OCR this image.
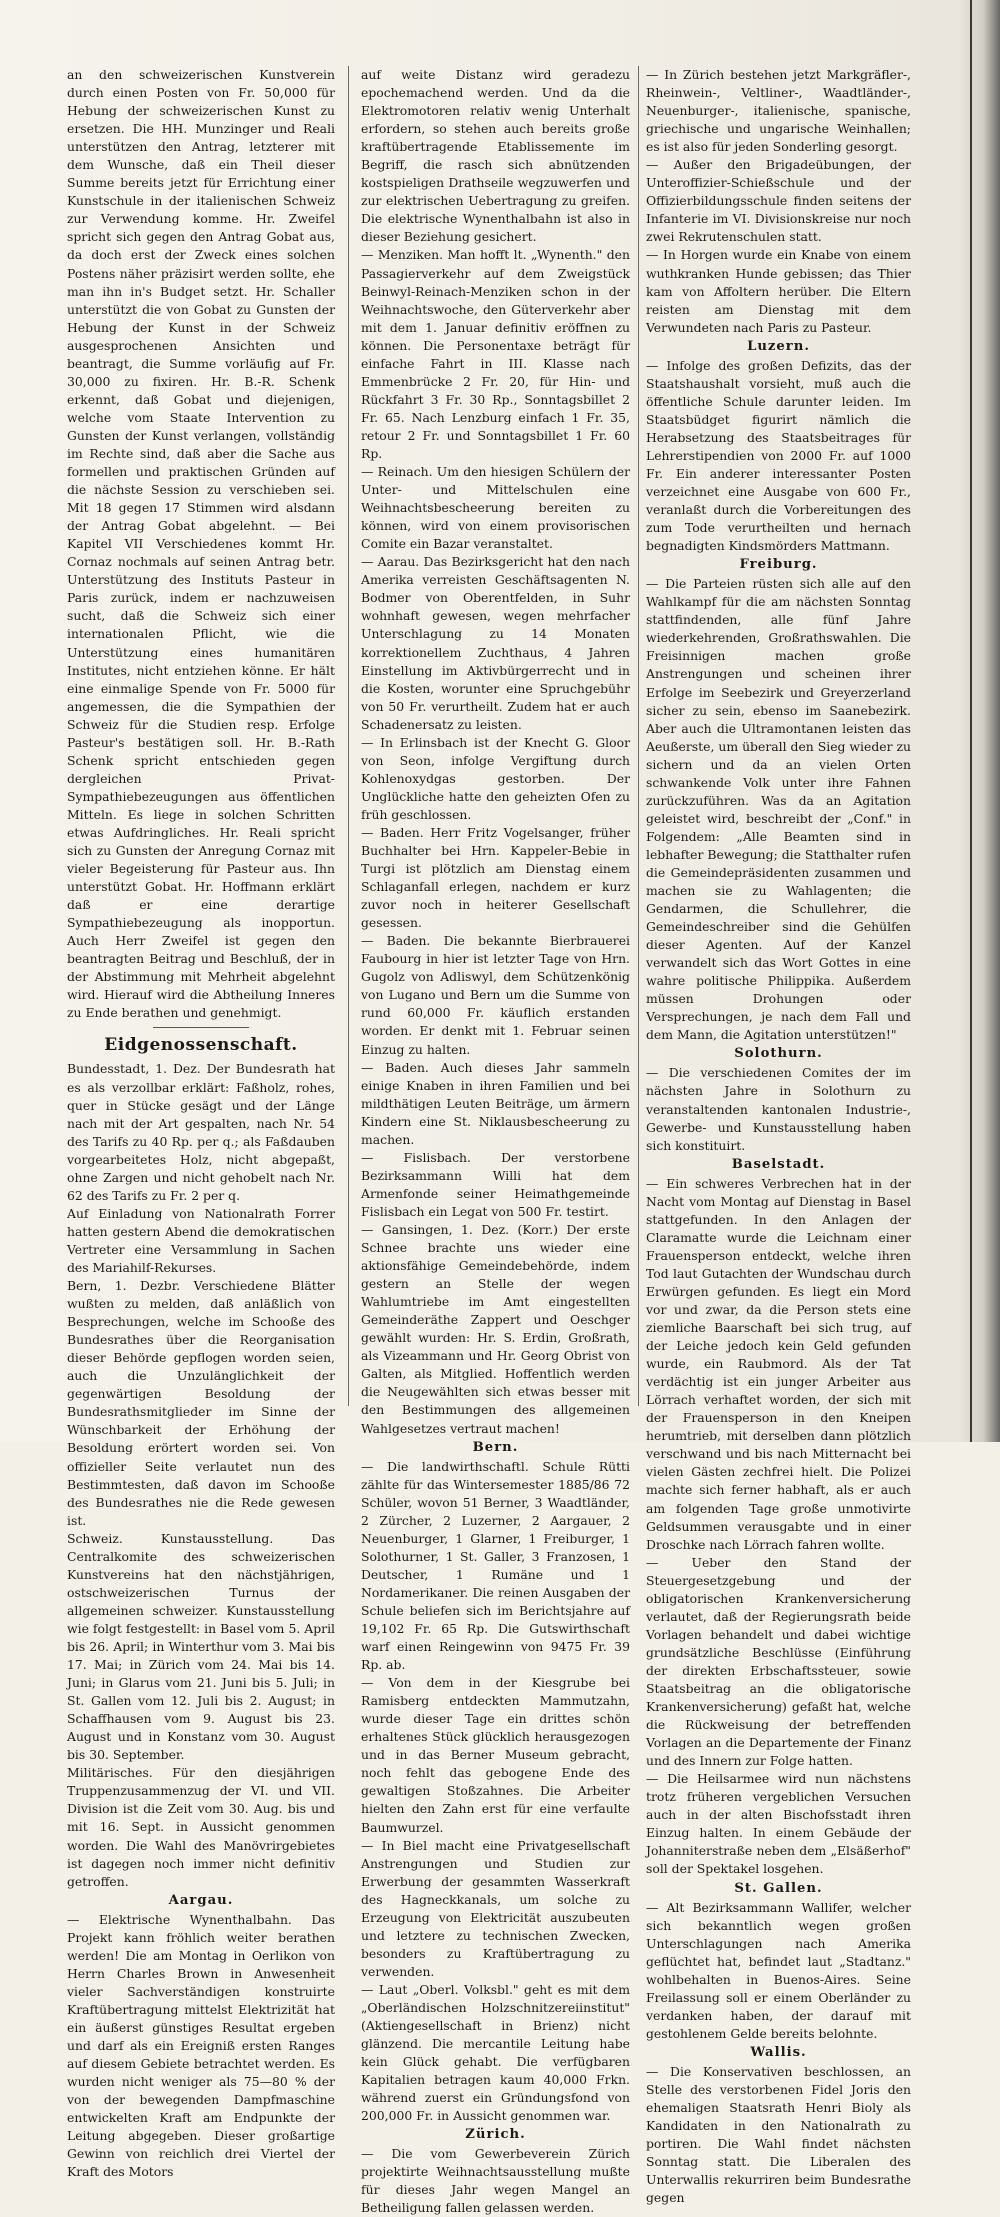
an den schweizerischen Kunstverein durch einen Posten von Fr. 50,000 für Hebung der schweizerischen Kunst zu ersetzen. Die HH. Munzinger und Reali unterstützen den Antrag, letzterer mit dem Wunsche, daß ein Theil dieser Summe bereits jetzt für Errichtung einer Kunstschule in der italienischen Schweiz zur Verwendung komme. Hr. Zweifel spricht sich gegen den Antrag Gobat aus, da doch erst der Zweck eines solchen Postens näher präzisirt werden sollte, ehe man ihn in's Budget setzt. Hr. Schaller unterstützt die von Gobat zu Gunsten der Hebung der Kunst in der Schweiz ausgesprochenen Ansichten und beantragt, die Summe vorläufig auf Fr. 30,000 zu fixiren. Hr. B.-R. Schenk erkennt, daß Gobat und diejenigen, welche vom Staate Intervention zu Gunsten der Kunst verlangen, vollständig im Rechte sind, daß aber die Sache aus formellen und praktischen Gründen auf die nächste Session zu verschieben sei. Mit 18 gegen 17 Stimmen wird alsdann der Antrag Gobat abgelehnt. — Bei Kapitel VII Verschiedenes kommt Hr. Cornaz nochmals auf seinen Antrag betr. Unterstützung des Instituts Pasteur in Paris zurück, indem er nachzuweisen sucht, daß die Schweiz sich einer internationalen Pflicht, wie die Unterstützung eines humanitären Institutes, nicht entziehen könne. Er hält eine einmalige Spende von Fr. 5000 für angemessen, die die Sympathien der Schweiz für die Studien resp. Erfolge Pasteur's bestätigen soll. Hr. B.-Rath Schenk spricht entschieden gegen dergleichen Privat-Sympathiebezeugungen aus öffentlichen Mitteln. Es liege in solchen Schritten etwas Aufdringliches. Hr. Reali spricht sich zu Gunsten der Anregung Cornaz mit vieler Begeisterung für Pasteur aus. Ihn unterstützt Gobat. Hr. Hoffmann erklärt daß er eine derartige Sympathiebezeugung als inopportun. Auch Herr Zweifel ist gegen den beantragten Beitrag und Beschluß, der in der Abstimmung mit Mehrheit abgelehnt wird. Hierauf wird die Abtheilung Inneres zu Ende berathen und genehmigt.

Eidgenossenschaft.

Bundesstadt, 1. Dez. Der Bundesrath hat es als verzollbar erklärt: Faßholz, rohes, quer in Stücke gesägt und der Länge nach mit der Art gespalten, nach Nr. 54 des Tarifs zu 40 Rp. per q.; als Faßdauben vorgearbeitetes Holz, nicht abgepaßt, ohne Zargen und nicht gehobelt nach Nr. 62 des Tarifs zu Fr. 2 per q.

Auf Einladung von Nationalrath Forrer hatten gestern Abend die demokratischen Vertreter eine Versammlung in Sachen des Mariahilf-Rekurses.

Bern, 1. Dezbr. Verschiedene Blätter wußten zu melden, daß anläßlich von Besprechungen, welche im Schooße des Bundesrathes über die Reorganisation dieser Behörde gepflogen worden seien, auch die Unzulänglichkeit der gegenwärtigen Besoldung der Bundesrathsmitglieder im Sinne der Wünschbarkeit der Erhöhung der Besoldung erörtert worden sei. Von offizieller Seite verlautet nun des Bestimmtesten, daß davon im Schooße des Bundesrathes nie die Rede gewesen ist.

Schweiz. Kunstausstellung. Das Centralkomite des schweizerischen Kunstvereins hat den nächstjährigen, ostschweizerischen Turnus der allgemeinen schweizer. Kunstausstellung wie folgt festgestellt: in Basel vom 5. April bis 26. April; in Winterthur vom 3. Mai bis 17. Mai; in Zürich vom 24. Mai bis 14. Juni; in Glarus vom 21. Juni bis 5. Juli; in St. Gallen vom 12. Juli bis 2. August; in Schaffhausen vom 9. August bis 23. August und in Konstanz vom 30. August bis 30. September.

Militärisches. Für den diesjährigen Truppenzusammenzug der VI. und VII. Division ist die Zeit vom 30. Aug. bis und mit 16. Sept. in Aussicht genommen worden. Die Wahl des Manövrirgebietes ist dagegen noch immer nicht definitiv getroffen.

Aargau.

— Elektrische Wynenthalbahn. Das Projekt kann fröhlich weiter berathen werden! Die am Montag in Oerlikon von Herrn Charles Brown in Anwesenheit vieler Sachverständigen konstruirte Kraftübertragung mittelst Elektrizität hat ein äußerst günstiges Resultat ergeben und darf als ein Ereigniß ersten Ranges auf diesem Gebiete betrachtet werden. Es wurden nicht weniger als 75—80 % der von der bewegenden Dampfmaschine entwickelten Kraft am Endpunkte der Leitung abgegeben. Dieser großartige Gewinn von reichlich drei Viertel der Kraft des Motors

auf weite Distanz wird geradezu epochemachend werden. Und da die Elektromotoren relativ wenig Unterhalt erfordern, so stehen auch bereits große kraftübertragende Etablissemente im Begriff, die rasch sich abnützenden kostspieligen Drathseile wegzuwerfen und zur elektrischen Uebertragung zu greifen. Die elektrische Wynenthalbahn ist also in dieser Beziehung gesichert.

— Menziken. Man hofft lt. „Wynenth." den Passagierverkehr auf dem Zweigstück Beinwyl-Reinach-Menziken schon in der Weihnachtswoche, den Güterverkehr aber mit dem 1. Januar definitiv eröffnen zu können. Die Personentaxe beträgt für einfache Fahrt in III. Klasse nach Emmenbrücke 2 Fr. 20, für Hin- und Rückfahrt 3 Fr. 30 Rp., Sonntagsbillet 2 Fr. 65. Nach Lenzburg einfach 1 Fr. 35, retour 2 Fr. und Sonntagsbillet 1 Fr. 60 Rp.

— Reinach. Um den hiesigen Schülern der Unter- und Mittelschulen eine Weihnachtsbescheerung bereiten zu können, wird von einem provisorischen Comite ein Bazar veranstaltet.

— Aarau. Das Bezirksgericht hat den nach Amerika verreisten Geschäftsagenten N. Bodmer von Oberentfelden, in Suhr wohnhaft gewesen, wegen mehrfacher Unterschlagung zu 14 Monaten korrektionellem Zuchthaus, 4 Jahren Einstellung im Aktivbürgerrecht und in die Kosten, worunter eine Spruchgebühr von 50 Fr. verurtheilt. Zudem hat er auch Schadenersatz zu leisten.

— In Erlinsbach ist der Knecht G. Gloor von Seon, infolge Vergiftung durch Kohlenoxydgas gestorben. Der Unglückliche hatte den geheizten Ofen zu früh geschlossen.

— Baden. Herr Fritz Vogelsanger, früher Buchhalter bei Hrn. Kappeler-Bebie in Turgi ist plötzlich am Dienstag einem Schlaganfall erlegen, nachdem er kurz zuvor noch in heiterer Gesellschaft gesessen.

— Baden. Die bekannte Bierbrauerei Faubourg in hier ist letzter Tage von Hrn. Gugolz von Adliswyl, dem Schützenkönig von Lugano und Bern um die Summe von rund 60,000 Fr. käuflich erstanden worden. Er denkt mit 1. Februar seinen Einzug zu halten.

— Baden. Auch dieses Jahr sammeln einige Knaben in ihren Familien und bei mildthätigen Leuten Beiträge, um ärmern Kindern eine St. Niklausbescheerung zu machen.

— Fislisbach. Der verstorbene Bezirksammann Willi hat dem Armenfonde seiner Heimathgemeinde Fislisbach ein Legat von 500 Fr. testirt.

— Gansingen, 1. Dez. (Korr.) Der erste Schnee brachte uns wieder eine aktionsfähige Gemeindebehörde, indem gestern an Stelle der wegen Wahlumtriebe im Amt eingestellten Gemeinderäthe Zappert und Oeschger gewählt wurden: Hr. S. Erdin, Großrath, als Vizeammann und Hr. Georg Obrist von Galten, als Mitglied. Hoffentlich werden die Neugewählten sich etwas besser mit den Bestimmungen des allgemeinen Wahlgesetzes vertraut machen!

Bern.

— Die landwirthschaftl. Schule Rütti zählte für das Wintersemester 1885/86 72 Schüler, wovon 51 Berner, 3 Waadtländer, 2 Zürcher, 2 Luzerner, 2 Aargauer, 2 Neuenburger, 1 Glarner, 1 Freiburger, 1 Solothurner, 1 St. Galler, 3 Franzosen, 1 Deutscher, 1 Rumäne und 1 Nordamerikaner. Die reinen Ausgaben der Schule beliefen sich im Berichtsjahre auf 19,102 Fr. 65 Rp. Die Gutswirthschaft warf einen Reingewinn von 9475 Fr. 39 Rp. ab.

— Von dem in der Kiesgrube bei Ramisberg entdeckten Mammutzahn, wurde dieser Tage ein drittes schön erhaltenes Stück glücklich herausgezogen und in das Berner Museum gebracht, noch fehlt das gebogene Ende des gewaltigen Stoßzahnes. Die Arbeiter hielten den Zahn erst für eine verfaulte Baumwurzel.

— In Biel macht eine Privatgesellschaft Anstrengungen und Studien zur Erwerbung der gesammten Wasserkraft des Hagneckkanals, um solche zu Erzeugung von Elektricität auszubeuten und letztere zu technischen Zwecken, besonders zu Kraftübertragung zu verwenden.

— Laut „Oberl. Volksbl." geht es mit dem „Oberländischen Holzschnitzereiinstitut" (Aktiengesellschaft in Brienz) nicht glänzend. Die mercantile Leitung habe kein Glück gehabt. Die verfügbaren Kapitalien betragen kaum 40,000 Frkn. während zuerst ein Gründungsfond von 200,000 Fr. in Aussicht genommen war.

Zürich.

— Die vom Gewerbeverein Zürich projektirte Weihnachtsausstellung mußte für dieses Jahr wegen Mangel an Betheiligung fallen gelassen werden.

— In Zürich bestehen jetzt Markgräfler-, Rheinwein-, Veltliner-, Waadtländer-, Neuenburger-, italienische, spanische, griechische und ungarische Weinhallen; es ist also für jeden Sonderling gesorgt.

— Außer den Brigadeübungen, der Unteroffizier-Schießschule und der Offizierbildungsschule finden seitens der Infanterie im VI. Divisionskreise nur noch zwei Rekrutenschulen statt.

— In Horgen wurde ein Knabe von einem wuthkranken Hunde gebissen; das Thier kam von Affoltern herüber. Die Eltern reisten am Dienstag mit dem Verwundeten nach Paris zu Pasteur.

Luzern.

— Infolge des großen Defizits, das der Staatshaushalt vorsieht, muß auch die öffentliche Schule darunter leiden. Im Staatsbüdget figurirt nämlich die Herabsetzung des Staatsbeitrages für Lehrerstipendien von 2000 Fr. auf 1000 Fr. Ein anderer interessanter Posten verzeichnet eine Ausgabe von 600 Fr., veranlaßt durch die Vorbereitungen des zum Tode verurtheilten und hernach begnadigten Kindsmörders Mattmann.

Freiburg.

— Die Parteien rüsten sich alle auf den Wahlkampf für die am nächsten Sonntag stattfindenden, alle fünf Jahre wiederkehrenden, Großrathswahlen. Die Freisinnigen machen große Anstrengungen und scheinen ihrer Erfolge im Seebezirk und Greyerzerland sicher zu sein, ebenso im Saanebezirk. Aber auch die Ultramontanen leisten das Aeußerste, um überall den Sieg wieder zu sichern und da an vielen Orten schwankende Volk unter ihre Fahnen zurückzuführen. Was da an Agitation geleistet wird, beschreibt der „Conf." in Folgendem: „Alle Beamten sind in lebhafter Bewegung; die Statthalter rufen die Gemeindepräsidenten zusammen und machen sie zu Wahlagenten; die Gendarmen, die Schullehrer, die Gemeindeschreiber sind die Gehülfen dieser Agenten. Auf der Kanzel verwandelt sich das Wort Gottes in eine wahre politische Philippika. Außerdem müssen Drohungen oder Versprechungen, je nach dem Fall und dem Mann, die Agitation unterstützen!"

Solothurn.

— Die verschiedenen Comites der im nächsten Jahre in Solothurn zu veranstaltenden kantonalen Industrie-, Gewerbe- und Kunstausstellung haben sich konstituirt.

Baselstadt.

— Ein schweres Verbrechen hat in der Nacht vom Montag auf Dienstag in Basel stattgefunden. In den Anlagen der Claramatte wurde die Leichnam einer Frauensperson entdeckt, welche ihren Tod laut Gutachten der Wundschau durch Erwürgen gefunden. Es liegt ein Mord vor und zwar, da die Person stets eine ziemliche Baarschaft bei sich trug, auf der Leiche jedoch kein Geld gefunden wurde, ein Raubmord. Als der Tat verdächtig ist ein junger Arbeiter aus Lörrach verhaftet worden, der sich mit der Frauensperson in den Kneipen herumtrieb, mit derselben dann plötzlich verschwand und bis nach Mitternacht bei vielen Gästen zechfrei hielt. Die Polizei machte sich ferner habhaft, als er auch am folgenden Tage große unmotivirte Geldsummen verausgabte und in einer Droschke nach Lörrach fahren wollte.

— Ueber den Stand der Steuergesetzgebung und der obligatorischen Krankenversicherung verlautet, daß der Regierungsrath beide Vorlagen behandelt und dabei wichtige grundsätzliche Beschlüsse (Einführung der direkten Erbschaftssteuer, sowie Staatsbeitrag an die obligatorische Krankenversicherung) gefaßt hat, welche die Rückweisung der betreffenden Vorlagen an die Departemente der Finanz und des Innern zur Folge hatten.

— Die Heilsarmee wird nun nächstens trotz früheren vergeblichen Versuchen auch in der alten Bischofsstadt ihren Einzug halten. In einem Gebäude der Johanniterstraße neben dem „Elsäßerhof" soll der Spektakel losgehen.

St. Gallen.

— Alt Bezirksammann Wallifer, welcher sich bekanntlich wegen großen Unterschlagungen nach Amerika geflüchtet hat, befindet laut „Stadtanz." wohlbehalten in Buenos-Aires. Seine Freilassung soll er einem Oberländer zu verdanken haben, der darauf mit gestohlenem Gelde bereits belohnte.

Wallis.

— Die Konservativen beschlossen, an Stelle des verstorbenen Fidel Joris den ehemaligen Staatsrath Henri Bioly als Kandidaten in den Nationalrath zu portiren. Die Wahl findet nächsten Sonntag statt. Die Liberalen des Unterwallis rekurriren beim Bundesrathe gegen
